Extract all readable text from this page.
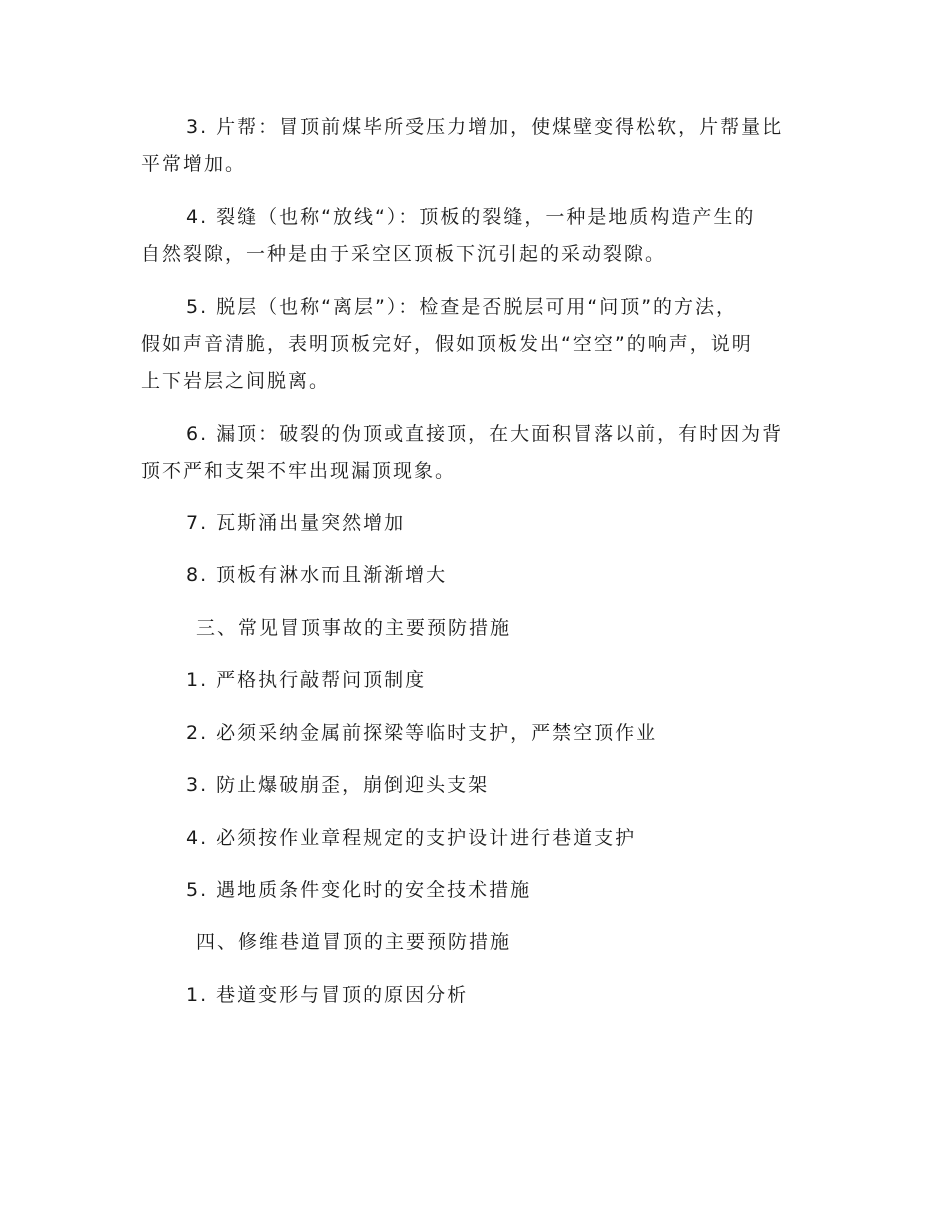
3. 片帮：冒顶前煤毕所受压力增加，使煤壁变得松软，片帮量比
平常增加。
4. 裂缝（也称“放线“）：顶板的裂缝，一种是地质构造产生的
自然裂隙，一种是由于采空区顶板下沉引起的采动裂隙。
5. 脱层（也称“离层”）：检查是否脱层可用“问顶”的方法，
假如声音清脆，表明顶板完好，假如顶板发出“空空”的响声，说明
上下岩层之间脱离。
6. 漏顶：破裂的伪顶或直接顶，在大面积冒落以前，有时因为背
顶不严和支架不牢出现漏顶现象。
7. 瓦斯涌出量突然增加
8. 顶板有淋水而且渐渐增大
三、常见冒顶事故的主要预防措施
1. 严格执行敲帮问顶制度
2. 必须采纳金属前探梁等临时支护，严禁空顶作业
3. 防止爆破崩歪，崩倒迎头支架
4. 必须按作业章程规定的支护设计进行巷道支护
5. 遇地质条件变化时的安全技术措施
四、修维巷道冒顶的主要预防措施
1. 巷道变形与冒顶的原因分析
